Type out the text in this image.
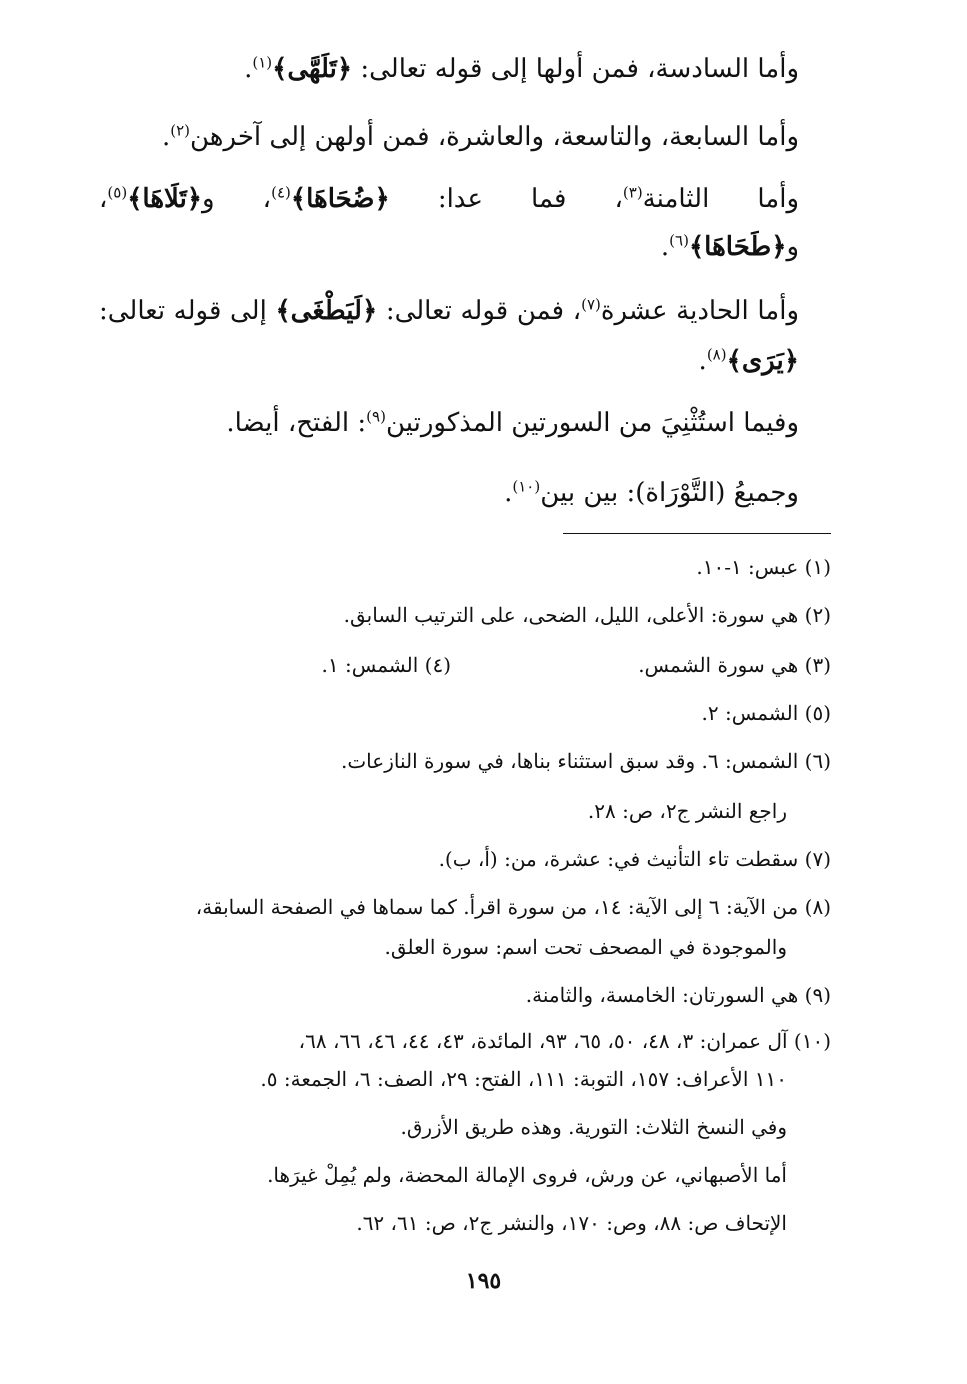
وأما السادسة، فمن أولها إلى قوله تعالى: ﴿تَلَهَّى﴾$^{(١)}$.
وأما السابعة، والتاسعة، والعاشرة، فمن أولهن إلى آخرهن$^{(٢)}$.
وأما الثامنة$^{(٣)}$، فما عدا: ﴿ضُحَاهَا﴾$^{(٤)}$، و﴿تَلَاهَا﴾$^{(٥)}$،
و﴿طَحَاهَا﴾$^{(٦)}$.
وأما الحادية عشرة$^{(٧)}$، فمن قوله تعالى: ﴿لَيَطْغَى﴾ إلى قوله تعالى:
﴿يَرَى﴾$^{(٨)}$.
وفيما استُثْنِيَ من السورتين المذكورتين$^{(٩)}$: الفتح، أيضا.
وجميعُ (التَّوْرَاة): بين بين$^{(١٠)}$.
(١) عبس: ١-١٠.
(٢) هي سورة: الأعلى، الليل، الضحى، على الترتيب السابق.
(٣) هي سورة الشمس.
(٤) الشمس: ١.
(٥) الشمس: ٢.
(٦) الشمس: ٦. وقد سبق استثناء بناها، في سورة النازعات.
راجع النشر ج٢، ص: ٢٨.
(٧) سقطت تاء التأنيث في: عشرة، من: (أ، ب).
(٨) من الآية: ٦ إلى الآية: ١٤، من سورة اقرأ. كما سماها في الصفحة السابقة،
والموجودة في المصحف تحت اسم: سورة العلق.
(٩) هي السورتان: الخامسة، والثامنة.
(١٠) آل عمران: ٣، ٤٨، ٥٠، ٦٥، ٩٣، المائدة، ٤٣، ٤٤، ٤٦، ٦٦، ٦٨،
١١٠ الأعراف: ١٥٧، التوبة: ١١١، الفتح: ٢٩، الصف: ٦، الجمعة: ٥.
وفي النسخ الثلاث: التورية. وهذه طريق الأزرق.
أما الأصبهاني، عن ورش، فروى الإمالة المحضة، ولم يُمِلْ غيرَها.
الإتحاف ص: ٨٨، وص: ١٧٠، والنشر ج٢، ص: ٦١، ٦٢.
١٩٥
